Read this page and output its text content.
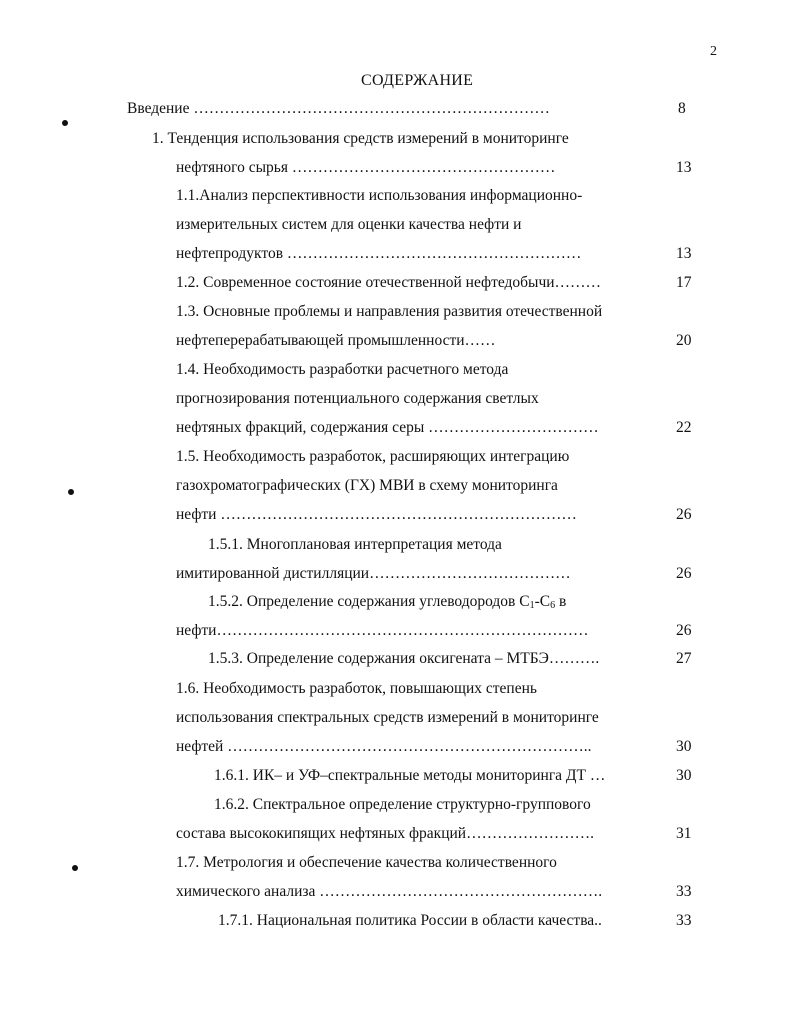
2
СОДЕРЖАНИЕ
Введение ……………………………………………………………	8
1. Тенденция использования средств измерений в мониторинге
нефтяного сырья ……………………………………………	13
1.1.Анализ перспективности использования информационно-
измерительных систем для оценки качества нефти и
нефтепродуктов …………………………………………………	13
1.2. Современное состояние отечественной нефтедобычи………	17
1.3. Основные проблемы и направления развития отечественной
нефтеперерабатывающей промышленности……	20
1.4. Необходимость разработки расчетного метода
прогнозирования потенциального содержания светлых
нефтяных фракций, содержания серы ……………………………	22
1.5. Необходимость разработок, расширяющих интеграцию
газохроматографических (ГХ) МВИ в схему мониторинга
нефти ……………………………………………………………	26
1.5.1. Многоплановая интерпретация метода
имитированной дистилляции…………………………………	26
1.5.2. Определение содержания углеводородов $C_1-C_6$ в
нефти………………………………………………………………	26
1.5.3. Определение содержания оксигената – МТБЭ……….	27
1.6. Необходимость разработок, повышающих степень
использования спектральных средств измерений в мониторинге
нефтей ……………………………………………………………..	30
1.6.1. ИК– и УФ–спектральные методы мониторинга ДТ …	30
1.6.2. Спектральное определение структурно-группового
состава высококипящих нефтяных фракций…………………….	31
1.7. Метрология и обеспечение качества количественного
химического анализа ……………………………………………….	33
1.7.1. Национальная политика России в области качества..	33
